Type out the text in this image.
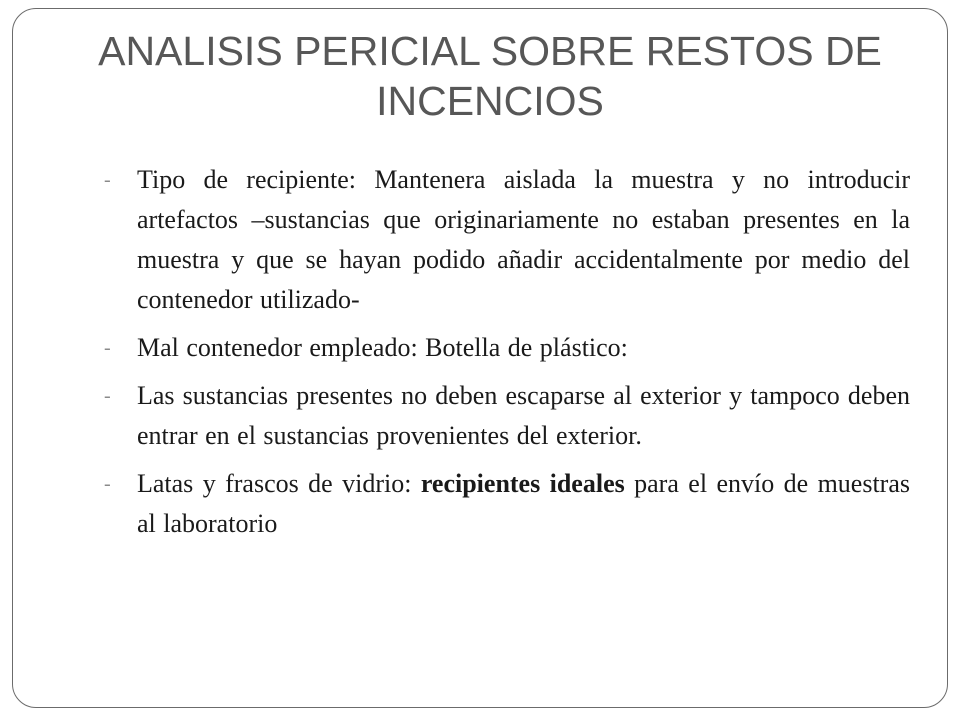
ANALISIS PERICIAL SOBRE RESTOS DE INCENCIOS
- Tipo de recipiente: Mantenera aislada la muestra y no introducir artefactos –sustancias que originariamente no estaban presentes en la muestra y que se hayan podido añadir accidentalmente por medio del contenedor utilizado-
- Mal contenedor empleado: Botella de plástico:
- Las sustancias presentes no deben escaparse al exterior y tampoco deben entrar en el sustancias provenientes del exterior.
- Latas y frascos de vidrio: recipientes ideales para el envío de muestras al laboratorio
